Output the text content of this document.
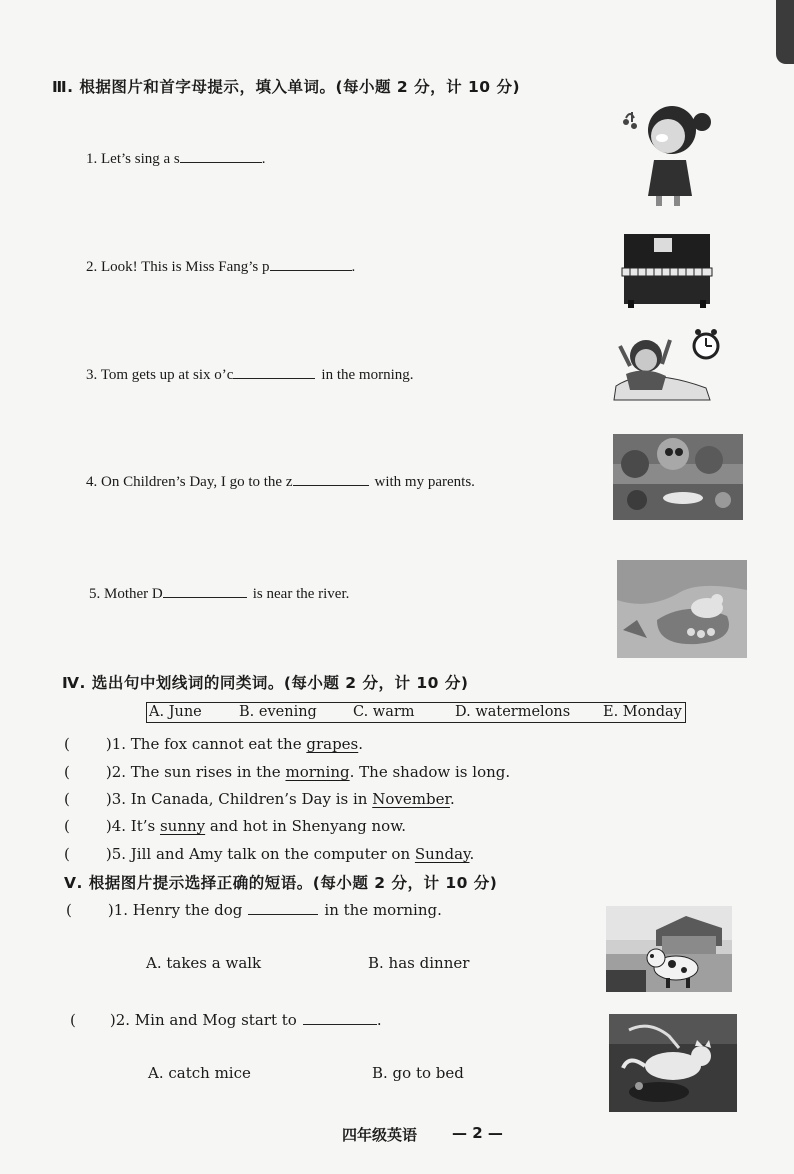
Ⅲ. 根据图片和首字母提示，填入单词。(每小题 2 分，计 10 分)
1. Let’s sing a s	.
2. Look! This is Miss Fang’s p	.
3. Tom gets up at six o’c	in the morning.
4. On Children’s Day, I go to the z	with my parents.
5. Mother D	is near the river.
Ⅳ. 选出句中划线词的同类词。(每小题 2 分，计 10 分)
A. June	B. evening C. warm	D. watermelons E. Monday
( )1. The fox cannot eat the grapes.
( )2. The sun rises in the morning. The shadow is long.
( )3. In Canada, Children’s Day is in November.
( )4. It’s sunny and hot in Shenyang now.
( )5. Jill and Amy talk on the computer on Sunday.
Ⅴ. 根据图片提示选择正确的短语。(每小题 2 分，计 10 分)
( )1. Henry the dog	in the morning.
A. takes a walk	B. has dinner
( )2. Min and Mog start to	.
A. catch mice	B. go to bed
四年级英语 — 2 —
